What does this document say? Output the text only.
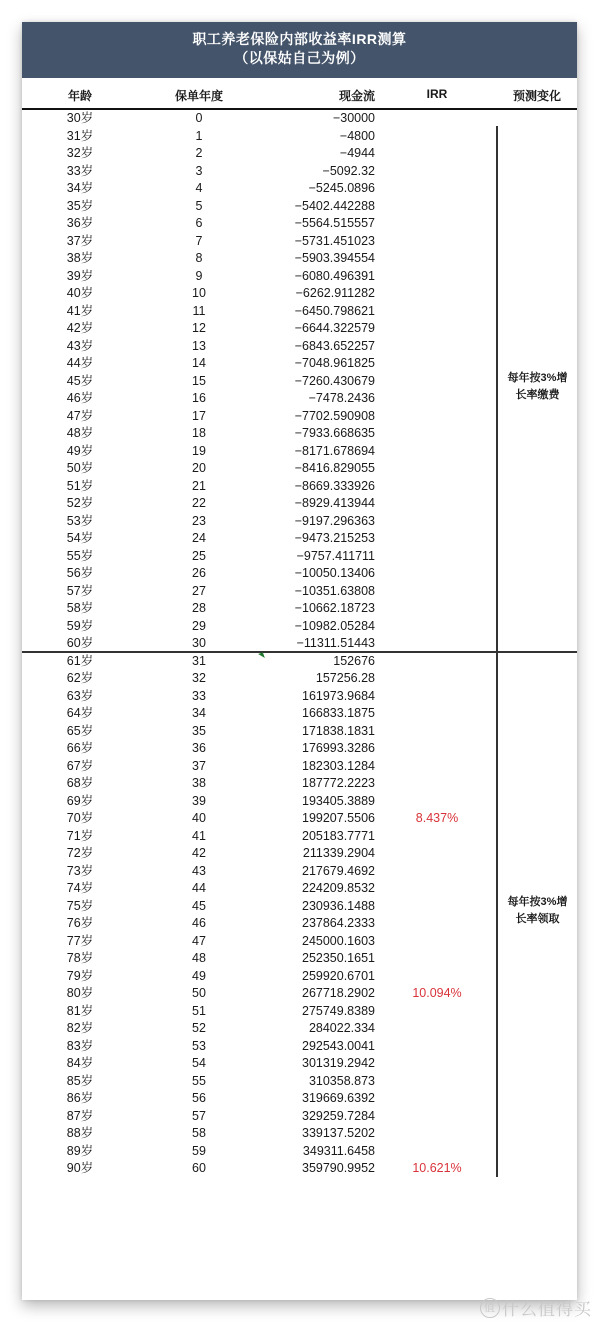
职工养老保险内部收益率IRR测算
（以保姑自己为例）
年龄	保单年度	现金流	IRR	预测变化
30岁	0	−30000
31岁	1	−4800
32岁	2	−4944
33岁	3	−5092.32
34岁	4	−5245.0896
35岁	5	−5402.442288
36岁	6	−5564.515557
37岁	7	−5731.451023
38岁	8	−5903.394554
39岁	9	−6080.496391
40岁	10	−6262.911282
41岁	11	−6450.798621
42岁	12	−6644.322579
43岁	13	−6843.652257
44岁	14	−7048.961825
45岁	15	−7260.430679
46岁	16	−7478.2436
47岁	17	−7702.590908
48岁	18	−7933.668635
49岁	19	−8171.678694
50岁	20	−8416.829055
51岁	21	−8669.333926
52岁	22	−8929.413944
53岁	23	−9197.296363
54岁	24	−9473.215253
55岁	25	−9757.411711
56岁	26	−10050.13406
57岁	27	−10351.63808
58岁	28	−10662.18723
59岁	29	−10982.05284
60岁	30	−11311.51443
61岁	31	152676
62岁	32	157256.28
63岁	33	161973.9684
64岁	34	166833.1875
65岁	35	171838.1831
66岁	36	176993.3286
67岁	37	182303.1284
68岁	38	187772.2223
69岁	39	193405.3889
70岁	40	199207.5506	8.437%
71岁	41	205183.7771
72岁	42	211339.2904
73岁	43	217679.4692
74岁	44	224209.8532
75岁	45	230936.1488
76岁	46	237864.2333
77岁	47	245000.1603
78岁	48	252350.1651
79岁	49	259920.6701
80岁	50	267718.2902	10.094%
81岁	51	275749.8389
82岁	52	284022.334
83岁	53	292543.0041
84岁	54	301319.2942
85岁	55	310358.873
86岁	56	319669.6392
87岁	57	329259.7284
88岁	58	339137.5202
89岁	59	349311.6458
90岁	60	359790.9952	10.621%
每年按3%增
长率缴费
每年按3%增
长率领取
值 什么值得买
